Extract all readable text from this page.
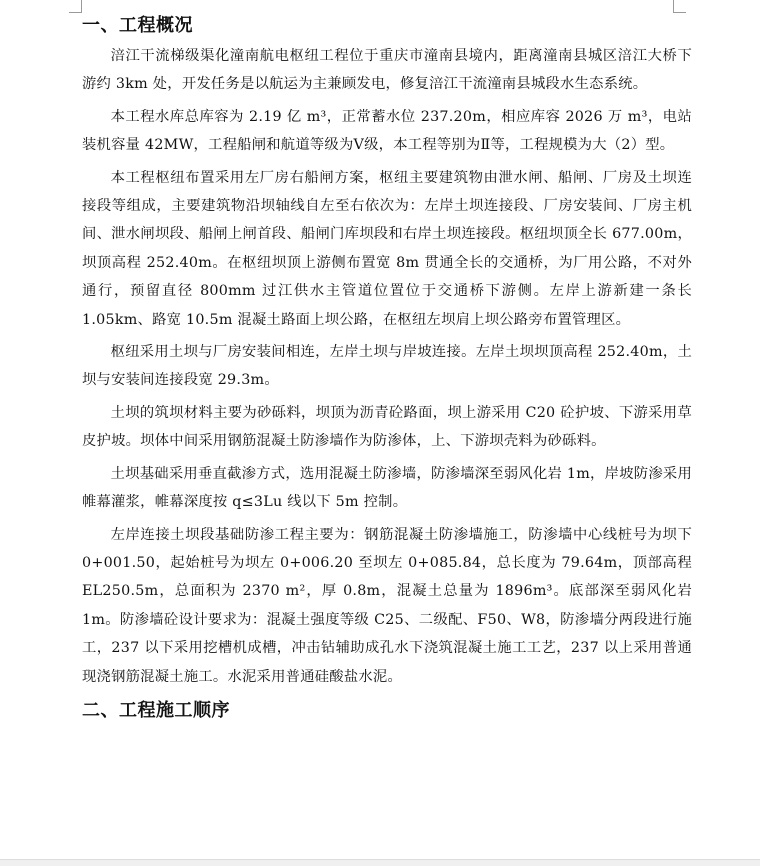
一、工程概况

涪江干流梯级渠化潼南航电枢纽工程位于重庆市潼南县境内，距离潼南县城区涪江大桥下游约 3km 处，开发任务是以航运为主兼顾发电，修复涪江干流潼南县城段水生态系统。

本工程水库总库容为 2.19 亿 m³，正常蓄水位 237.20m，相应库容 2026 万 m³，电站装机容量 42MW，工程船闸和航道等级为Ⅴ级，本工程等别为Ⅱ等，工程规模为大（2）型。

本工程枢纽布置采用左厂房右船闸方案，枢纽主要建筑物由泄水闸、船闸、厂房及土坝连接段等组成，主要建筑物沿坝轴线自左至右依次为：左岸土坝连接段、厂房安装间、厂房主机间、泄水闸坝段、船闸上闸首段、船闸门库坝段和右岸土坝连接段。枢纽坝顶全长 677.00m，坝顶高程 252.40m。在枢纽坝顶上游侧布置宽 8m 贯通全长的交通桥，为厂用公路，不对外通行，预留直径 800mm 过江供水主管道位置位于交通桥下游侧。左岸上游新建一条长 1.05km、路宽 10.5m 混凝土路面上坝公路，在枢纽左坝肩上坝公路旁布置管理区。

枢纽采用土坝与厂房安装间相连，左岸土坝与岸坡连接。左岸土坝坝顶高程 252.40m，土坝与安装间连接段宽 29.3m。

土坝的筑坝材料主要为砂砾料，坝顶为沥青砼路面，坝上游采用 C20 砼护坡、下游采用草皮护坡。坝体中间采用钢筋混凝土防渗墙作为防渗体，上、下游坝壳料为砂砾料。

土坝基础采用垂直截渗方式，选用混凝土防渗墙，防渗墙深至弱风化岩 1m，岸坡防渗采用帷幕灌浆，帷幕深度按 q≤3Lu 线以下 5m 控制。

左岸连接土坝段基础防渗工程主要为：钢筋混凝土防渗墙施工，防渗墙中心线桩号为坝下 0+001.50，起始桩号为坝左 0+006.20 至坝左 0+085.84，总长度为 79.64m，顶部高程 EL250.5m，总面积为 2370 m²，厚 0.8m，混凝土总量为 1896m³。底部深至弱风化岩 1m。防渗墙砼设计要求为：混凝土强度等级 C25、二级配、F50、W8，防渗墙分两段进行施工，237 以下采用挖槽机成槽，冲击钻辅助成孔水下浇筑混凝土施工工艺，237 以上采用普通现浇钢筋混凝土施工。水泥采用普通硅酸盐水泥。

二、工程施工顺序
